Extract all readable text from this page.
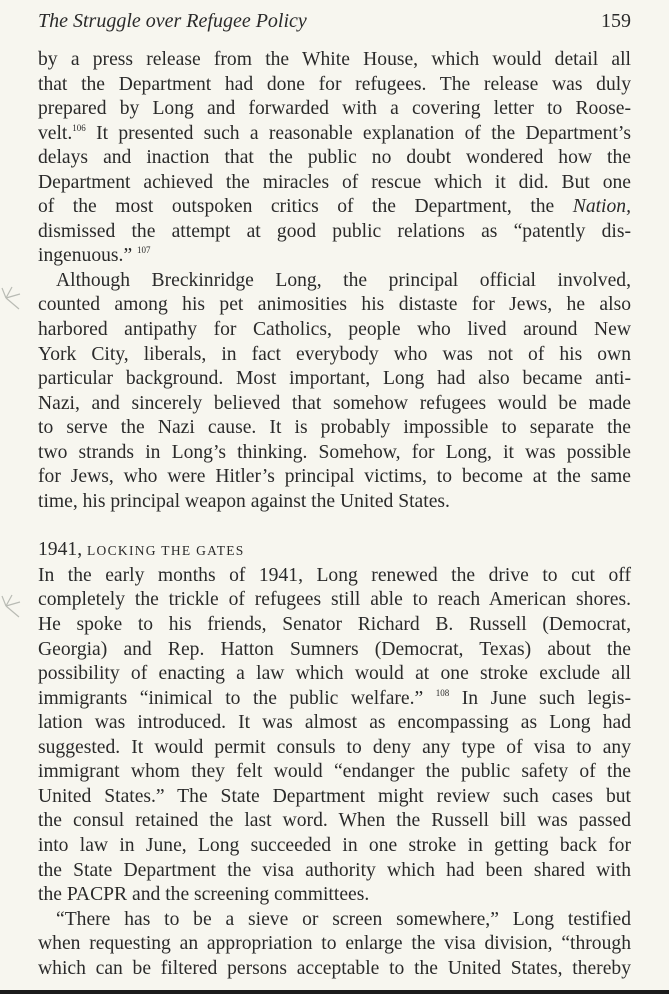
The Struggle over Refugee Policy	159
by a press release from the White House, which would detail all
that the Department had done for refugees. The release was duly
prepared by Long and forwarded with a covering letter to Roose-
velt.$^{106}$ It presented such a reasonable explanation of the Department’s
delays and inaction that the public no doubt wondered how the
Department achieved the miracles of rescue which it did. But one
of the most outspoken critics of the Department, the Nation,
dismissed the attempt at good public relations as “patently dis-
ingenuous.” $^{107}$
Although Breckinridge Long, the principal official involved,
counted among his pet animosities his distaste for Jews, he also
harbored antipathy for Catholics, people who lived around New
York City, liberals, in fact everybody who was not of his own
particular background. Most important, Long had also became anti-
Nazi, and sincerely believed that somehow refugees would be made
to serve the Nazi cause. It is probably impossible to separate the
two strands in Long’s thinking. Somehow, for Long, it was possible
for Jews, who were Hitler’s principal victims, to become at the same
time, his principal weapon against the United States.
1941, LOCKING THE GATES
In the early months of 1941, Long renewed the drive to cut off
completely the trickle of refugees still able to reach American shores.
He spoke to his friends, Senator Richard B. Russell (Democrat,
Georgia) and Rep. Hatton Sumners (Democrat, Texas) about the
possibility of enacting a law which would at one stroke exclude all
immigrants “inimical to the public welfare.” $^{108}$ In June such legis-
lation was introduced. It was almost as encompassing as Long had
suggested. It would permit consuls to deny any type of visa to any
immigrant whom they felt would “endanger the public safety of the
United States.” The State Department might review such cases but
the consul retained the last word. When the Russell bill was passed
into law in June, Long succeeded in one stroke in getting back for
the State Department the visa authority which had been shared with
the PACPR and the screening committees.
“There has to be a sieve or screen somewhere,” Long testified
when requesting an appropriation to enlarge the visa division, “through
which can be filtered persons acceptable to the United States, thereby
